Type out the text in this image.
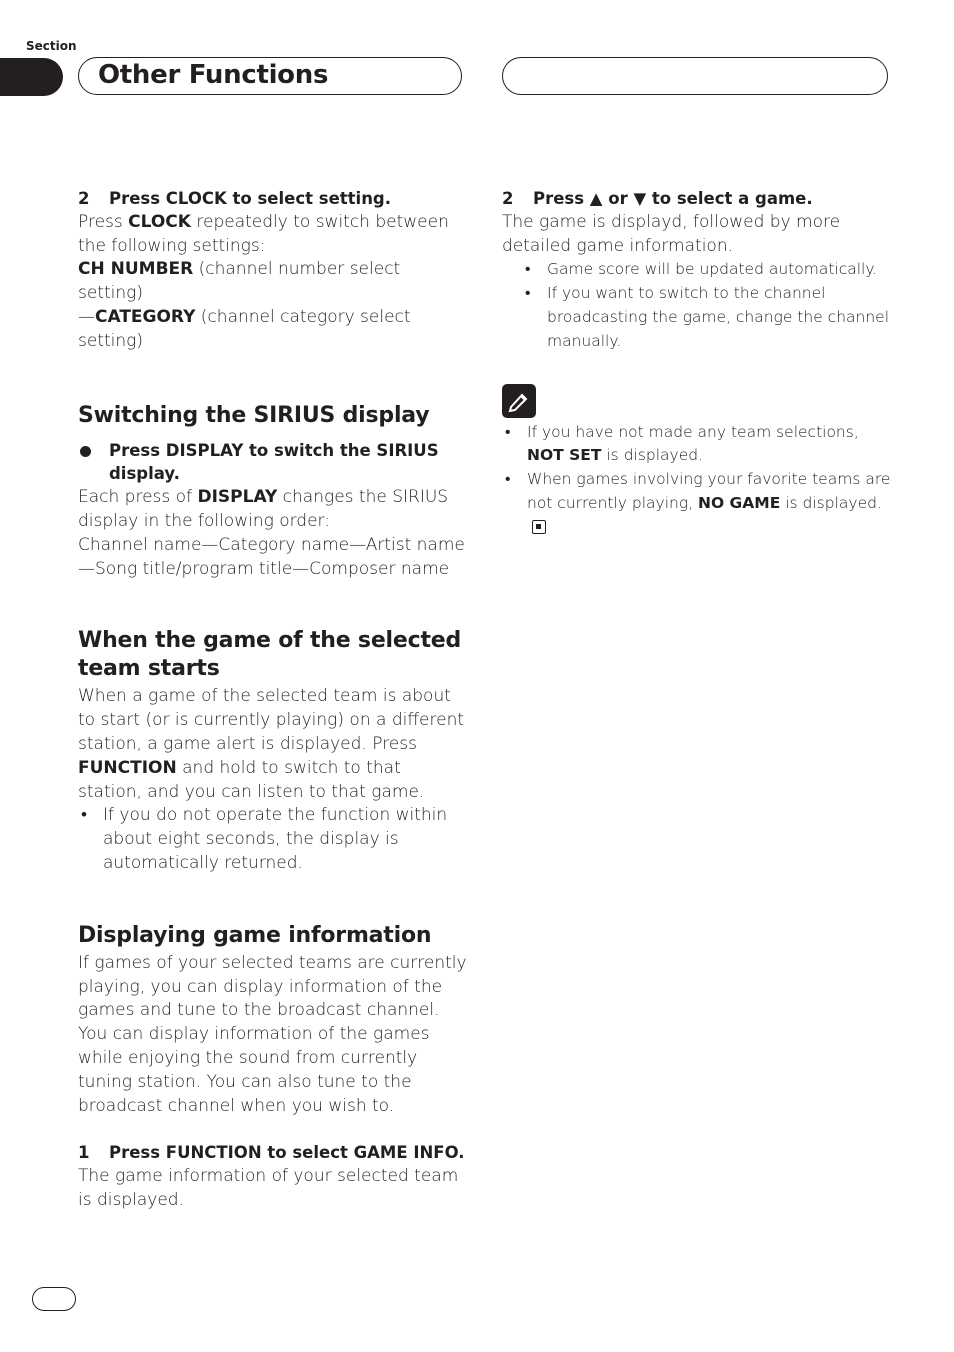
Section
Other Functions

2 Press CLOCK to select setting.

Press CLOCK repeatedly to switch between the following settings:

CH NUMBER (channel number select setting)

—CATEGORY (channel category select setting)

Switching the SIRIUS display

Press DISPLAY to switch the SIRIUS display.

Each press of DISPLAY changes the SIRIUS display in the following order:

Channel name—Category name—Artist name—Song title/program title—Composer name

When the game of the selected team starts

When a game of the selected team is about to start (or is currently playing) on a different station, a game alert is displayed. Press FUNCTION and hold to switch to that station, and you can listen to that game.

• If you do not operate the function within about eight seconds, the display is automatically returned.

Displaying game information

If games of your selected teams are currently playing, you can display information of the games and tune to the broadcast channel.

You can display information of the games while enjoying the sound from currently tuning station. You can also tune to the broadcast channel when you wish to.

1 Press FUNCTION to select GAME INFO.

The game information of your selected team is displayed.

2 Press ▲ or ▼ to select a game.

The game is displayd, followed by more detailed game information.

• Game score will be updated automatically.

• If you want to switch to the channel broadcasting the game, change the channel manually.

• If you have not made any team selections, NOT SET is displayed.

• When games involving your favorite teams are not currently playing, NO GAME is displayed.
